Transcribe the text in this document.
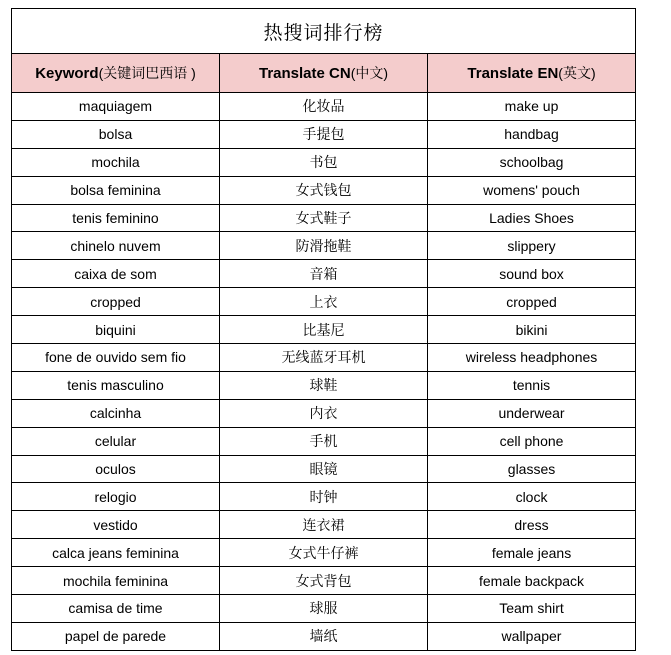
热搜词排行榜		
Keyword(关键词巴西语 )	Translate CN(中文)	Translate EN(英文)
maquiagem	化妆品	make up
bolsa	手提包	handbag
mochila	书包	schoolbag
bolsa feminina	女式钱包	womens' pouch
tenis feminino	女式鞋子	Ladies Shoes
chinelo nuvem	防滑拖鞋	slippery
caixa de som	音箱	sound box
cropped	上衣	cropped
biquini	比基尼	bikini
fone de ouvido sem fio	无线蓝牙耳机	wireless headphones
tenis masculino	球鞋	tennis
calcinha	内衣	underwear
celular	手机	cell phone
oculos	眼镜	glasses
relogio	时钟	clock
vestido	连衣裙	dress
calca jeans feminina	女式牛仔裤	female jeans
mochila feminina	女式背包	female backpack
camisa de time	球服	Team shirt
papel de parede	墙纸	wallpaper
